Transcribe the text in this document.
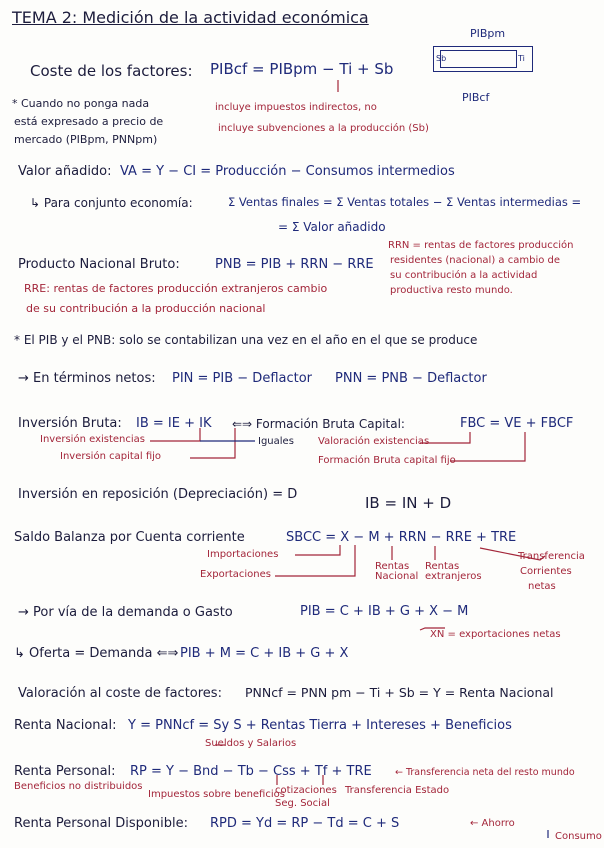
TEMA 2: Medición de la actividad económica
PIBpm
Sb	Ti
PIBcf
Coste de los factores: PIBcf = PIBpm − Ti + Sb
* Cuando no ponga nada
está expresado a precio de
mercado (PIBpm, PNNpm)
incluye impuestos indirectos, no
incluye subvenciones a la producción (Sb)
Valor añadido: VA = Y − CI = Producción − Consumos intermedios
↳ Para conjunto economía:	Σ Ventas finales = Σ Ventas totales − Σ Ventas intermedias =
= Σ Valor añadido
Producto Nacional Bruto:	PNB = PIB + RRN − RRE
RRN = rentas de factores producción
residentes (nacional) a cambio de
su contribución a la actividad
productiva resto mundo.
RRE: rentas de factores producción extranjeros cambio
de su contribución a la producción nacional
* El PIB y el PNB: solo se contabilizan una vez en el año en el que se produce
→ En términos netos: PIN = PIB − Deflactor PNN = PNB − Deflactor
Inversión Bruta: IB = IE + IK ⇐⇒ Formación Bruta Capital:	FBC = VE + FBCF
Inversión existencias
Inversión capital fijo
Iguales Valoración existencias
Formación Bruta capital fijo
Inversión en reposición (Depreciación) = D	IB = IN + D
Saldo Balanza por Cuenta corriente	SBCC = X − M + RRN − RRE + TRE
Importaciones
Exportaciones
Rentas Nacional
Rentas extranjeros
Transferencia
Corrientes
netas
→ Por vía de la demanda o Gasto	PIB = C + IB + G + X − M
XN = exportaciones netas
↳ Oferta = Demanda ⇐⇒ PIB + M = C + IB + G + X
Valoración al coste de factores: PNNcf = PNN pm − Ti + Sb = Y = Renta Nacional
Renta Nacional: Y = PNNcf = Sy S + Rentas Tierra + Intereses + Beneficios
Sueldos y Salarios
Renta Personal: RP = Y − Bnd − Tb − Css + Tf + TRE ← Transferencia neta del resto mundo
Beneficios no distribuidos
Impuestos sobre beneficios
cotizaciones
Seg. Social
Transferencia Estado
Renta Personal Disponible: RPD = Yd = RP − Td = C + S	← Ahorro
Consumo
